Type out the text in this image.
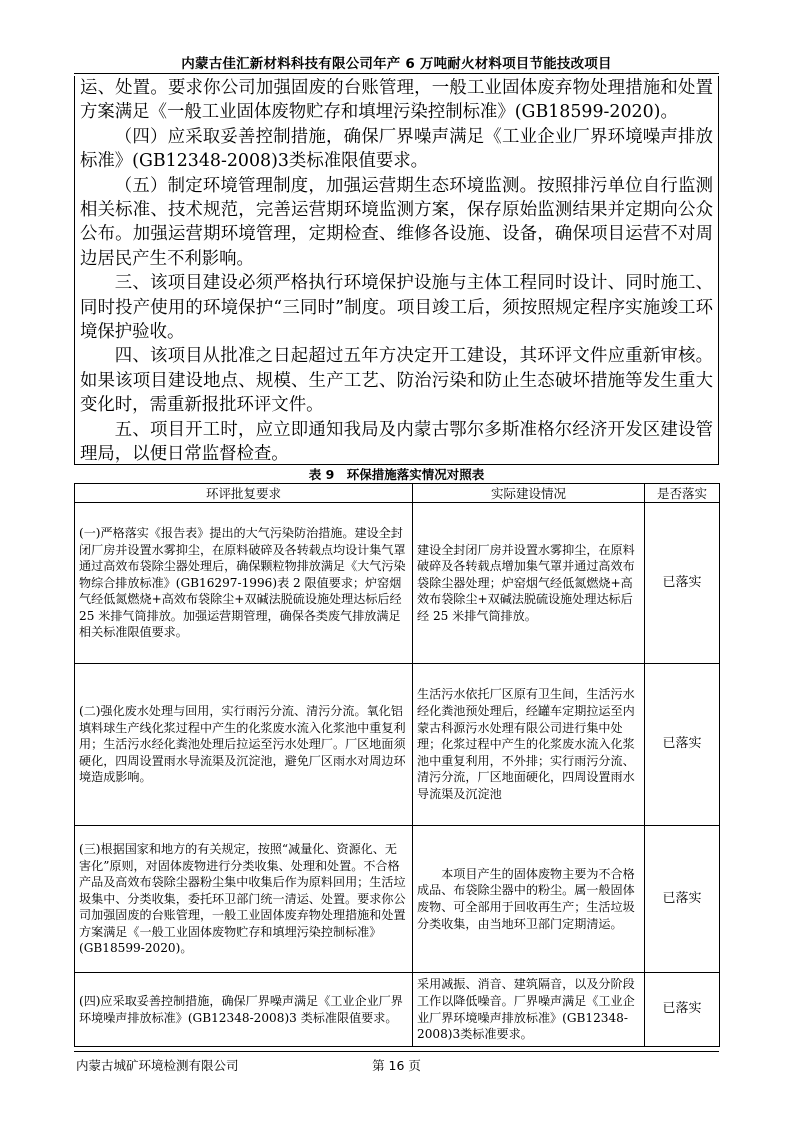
内蒙古佳汇新材料科技有限公司年产 6 万吨耐火材料项目节能技改项目

运、处置。要求你公司加强固废的台账管理，一般工业固体废弃物处理措施和处置方案满足《一般工业固体废物贮存和填埋污染控制标准》(GB18599-2020)。

（四）应采取妥善控制措施，确保厂界噪声满足《工业企业厂界环境噪声排放标准》(GB12348-2008)3类标准限值要求。

（五）制定环境管理制度，加强运营期生态环境监测。按照排污单位自行监测相关标准、技术规范，完善运营期环境监测方案，保存原始监测结果并定期向公众公布。加强运营期环境管理，定期检查、维修各设施、设备，确保项目运营不对周边居民产生不利影响。

三、该项目建设必须严格执行环境保护设施与主体工程同时设计、同时施工、同时投产使用的环境保护“三同时”制度。项目竣工后，须按照规定程序实施竣工环境保护验收。

四、该项目从批准之日起超过五年方决定开工建设，其环评文件应重新审核。如果该项目建设地点、规模、生产工艺、防治污染和防止生态破坏措施等发生重大变化时，需重新报批环评文件。

五、项目开工时，应立即通知我局及内蒙古鄂尔多斯准格尔经济开发区建设管理局，以便日常监督检查。

表 9　环保措施落实情况对照表
环评批复要求	实际建设情况	是否落实
(一)严格落实《报告表》提出的大气污染防治措施。建设全封闭厂房并设置水雾抑尘，在原料破碎及各转载点均设计集气罩通过高效布袋除尘器处理后，确保颗粒物排放满足《大气污染物综合排放标准》(GB16297-1996)表 2 限值要求；炉窑烟气经低氮燃烧+高效布袋除尘+双碱法脱硫设施处理达标后经 25 米排气筒排放。加强运营期管理，确保各类废气排放满足相关标准限值要求。	建设全封闭厂房并设置水雾抑尘，在原料破碎及各转载点增加集气罩并通过高效布袋除尘器处理；炉窑烟气经低氮燃烧+高效布袋除尘+双碱法脱硫设施处理达标后经 25 米排气筒排放。	已落实
(二)强化废水处理与回用，实行雨污分流、清污分流。氧化铝填料球生产线化浆过程中产生的化浆废水流入化浆池中重复利用；生活污水经化粪池处理后拉运至污水处理厂。厂区地面须硬化，四周设置雨水导流渠及沉淀池，避免厂区雨水对周边环境造成影响。	生活污水依托厂区原有卫生间，生活污水经化粪池预处理后，经罐车定期拉运至内蒙古科源污水处理有限公司进行集中处理；化浆过程中产生的化浆废水流入化浆池中重复利用，不外排；实行雨污分流、清污分流，厂区地面硬化，四周设置雨水导流渠及沉淀池	已落实
(三)根据国家和地方的有关规定，按照“减量化、资源化、无害化”原则，对固体废物进行分类收集、处理和处置。不合格产品及高效布袋除尘器粉尘集中收集后作为原料回用；生活垃圾集中、分类收集，委托环卫部门统一清运、处置。要求你公司加强固废的台账管理，一般工业固体废弃物处理措施和处置方案满足《一般工业固体废物贮存和填埋污染控制标准》(GB18599-2020)。	本项目产生的固体废物主要为不合格成品、布袋除尘器中的粉尘。属一般固体废物、可全部用于回收再生产；生活垃圾分类收集，由当地环卫部门定期清运。	已落实
(四)应采取妥善控制措施，确保厂界噪声满足《工业企业厂界环境噪声排放标准》(GB12348-2008)3 类标准限值要求。	采用减振、消音、建筑隔音，以及分阶段工作以降低噪音。厂界噪声满足《工业企业厂界环境噪声排放标准》(GB12348-2008)3类标准要求。	已落实
内蒙古城矿环境检测有限公司	第 16 页
